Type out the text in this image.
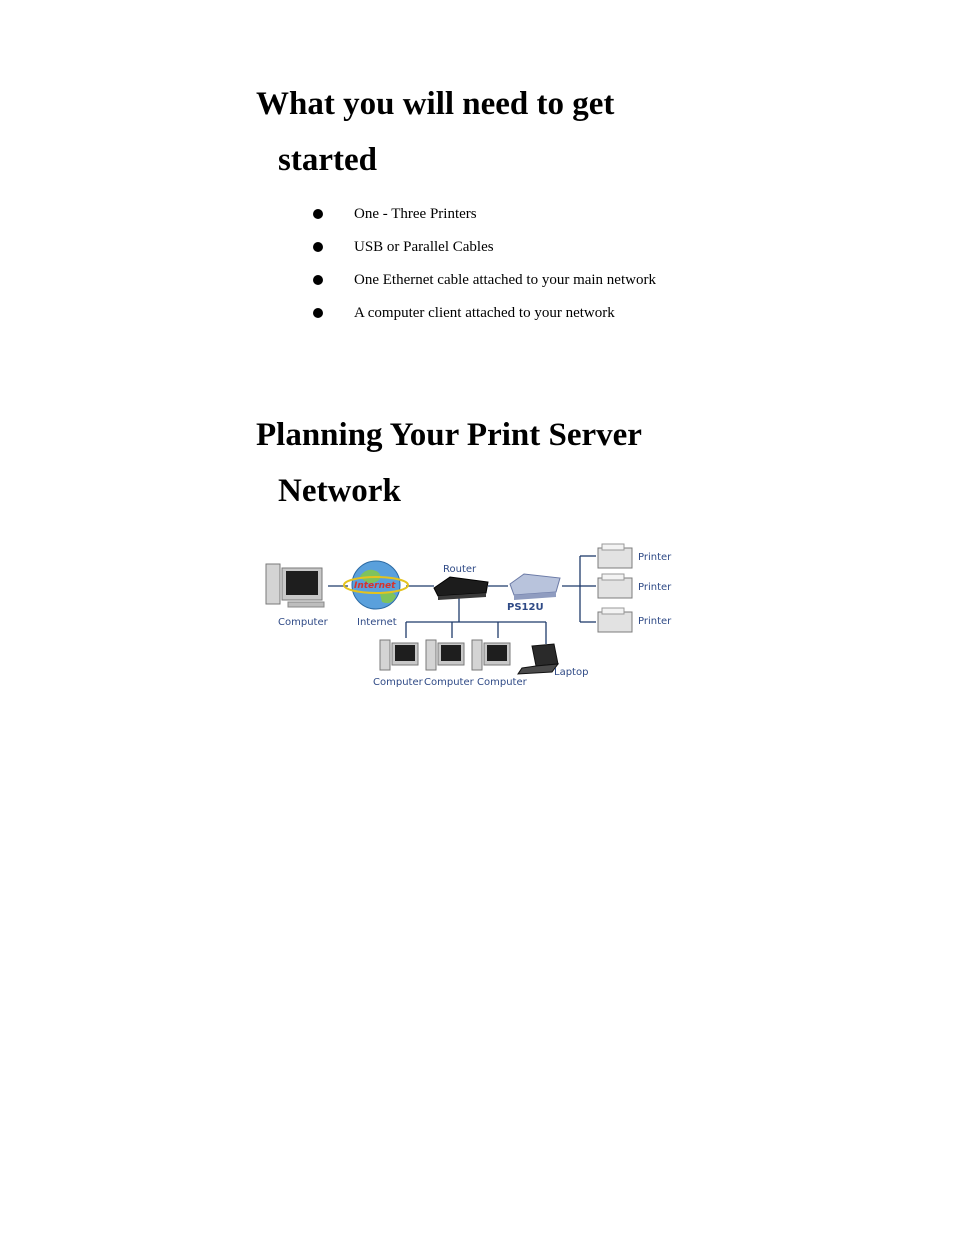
What you will need to get
started
One - Three Printers
USB or Parallel Cables
One Ethernet cable attached to your main network
A computer client attached to your network
Planning Your Print Server
Network
Computer
Internet
Internet
Router
PS12U
Printer
Printer
Printer
Computer Computer Computer
Laptop
